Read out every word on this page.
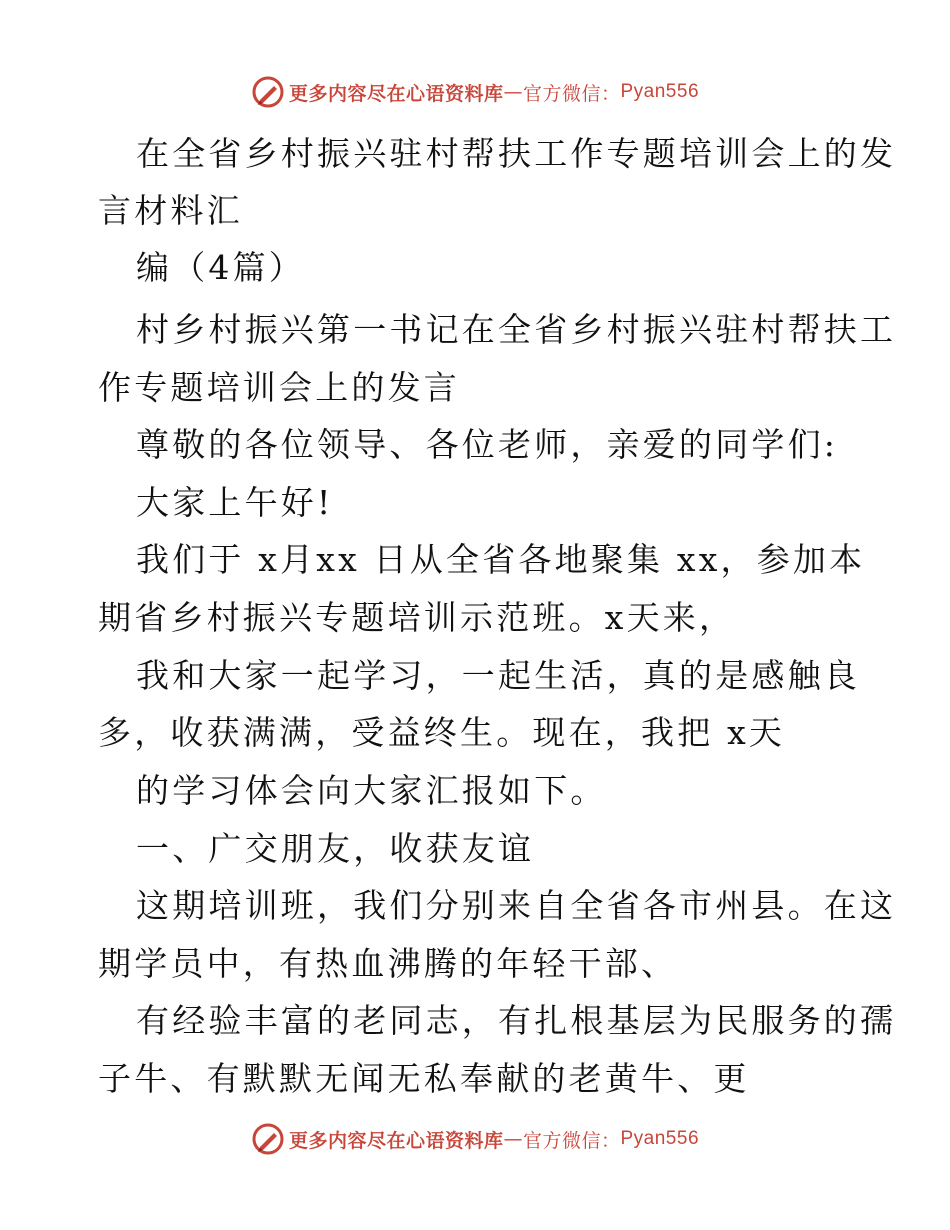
更多内容尽在心语资料库 — 官方微信： Pyan556
在全省乡村振兴驻村帮扶工作专题培训会上的发
言材料汇
编（4篇）
村乡村振兴第一书记在全省乡村振兴驻村帮扶工
作专题培训会上的发言
尊敬的各位领导、各位老师，亲爱的同学们:
大家上午好!
我们于 x月xx 日从全省各地聚集 xx，参加本
期省乡村振兴专题培训示范班。x天来，
我和大家一起学习，一起生活，真的是感触良
多，收获满满，受益终生。现在，我把 x天
的学习体会向大家汇报如下。
一、广交朋友，收获友谊
这期培训班，我们分别来自全省各市州县。在这
期学员中，有热血沸腾的年轻干部、
有经验丰富的老同志，有扎根基层为民服务的孺
子牛、有默默无闻无私奉献的老黄牛、更
更多内容尽在心语资料库 — 官方微信： Pyan556
